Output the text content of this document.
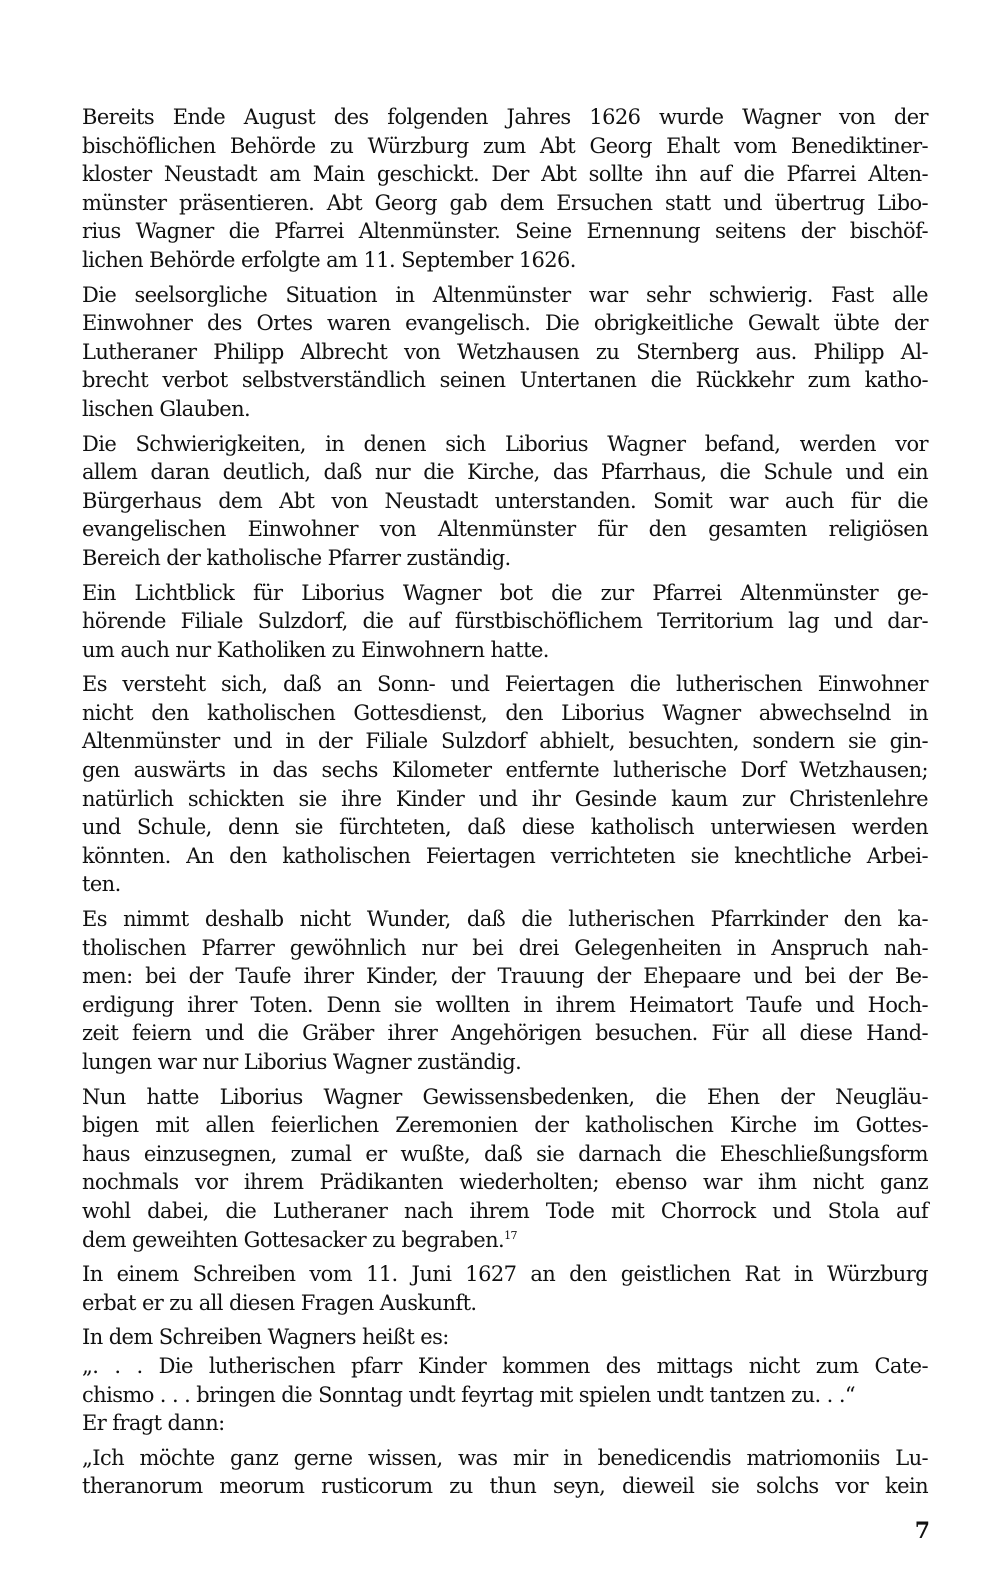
Bereits Ende August des folgenden Jahres 1626 wurde Wagner von der
bischöflichen Behörde zu Würzburg zum Abt Georg Ehalt vom Benediktiner-
kloster Neustadt am Main geschickt. Der Abt sollte ihn auf die Pfarrei Alten-
münster präsentieren. Abt Georg gab dem Ersuchen statt und übertrug Libo-
rius Wagner die Pfarrei Altenmünster. Seine Ernennung seitens der bischöf-
lichen Behörde erfolgte am 11. September 1626.
Die seelsorgliche Situation in Altenmünster war sehr schwierig. Fast alle
Einwohner des Ortes waren evangelisch. Die obrigkeitliche Gewalt übte der
Lutheraner Philipp Albrecht von Wetzhausen zu Sternberg aus. Philipp Al-
brecht verbot selbstverständlich seinen Untertanen die Rückkehr zum katho-
lischen Glauben.
Die Schwierigkeiten, in denen sich Liborius Wagner befand, werden vor
allem daran deutlich, daß nur die Kirche, das Pfarrhaus, die Schule und ein
Bürgerhaus dem Abt von Neustadt unterstanden. Somit war auch für die
evangelischen Einwohner von Altenmünster für den gesamten religiösen
Bereich der katholische Pfarrer zuständig.
Ein Lichtblick für Liborius Wagner bot die zur Pfarrei Altenmünster ge-
hörende Filiale Sulzdorf, die auf fürstbischöflichem Territorium lag und dar-
um auch nur Katholiken zu Einwohnern hatte.
Es versteht sich, daß an Sonn- und Feiertagen die lutherischen Einwohner
nicht den katholischen Gottesdienst, den Liborius Wagner abwechselnd in
Altenmünster und in der Filiale Sulzdorf abhielt, besuchten, sondern sie gin-
gen auswärts in das sechs Kilometer entfernte lutherische Dorf Wetzhausen;
natürlich schickten sie ihre Kinder und ihr Gesinde kaum zur Christenlehre
und Schule, denn sie fürchteten, daß diese katholisch unterwiesen werden
könnten. An den katholischen Feiertagen verrichteten sie knechtliche Arbei-
ten.
Es nimmt deshalb nicht Wunder, daß die lutherischen Pfarrkinder den ka-
tholischen Pfarrer gewöhnlich nur bei drei Gelegenheiten in Anspruch nah-
men: bei der Taufe ihrer Kinder, der Trauung der Ehepaare und bei der Be-
erdigung ihrer Toten. Denn sie wollten in ihrem Heimatort Taufe und Hoch-
zeit feiern und die Gräber ihrer Angehörigen besuchen. Für all diese Hand-
lungen war nur Liborius Wagner zuständig.
Nun hatte Liborius Wagner Gewissensbedenken, die Ehen der Neugläu-
bigen mit allen feierlichen Zeremonien der katholischen Kirche im Gottes-
haus einzusegnen, zumal er wußte, daß sie darnach die Eheschließungsform
nochmals vor ihrem Prädikanten wiederholten; ebenso war ihm nicht ganz
wohl dabei, die Lutheraner nach ihrem Tode mit Chorrock und Stola auf
dem geweihten Gottesacker zu begraben.$^{17}$
In einem Schreiben vom 11. Juni 1627 an den geistlichen Rat in Würzburg
erbat er zu all diesen Fragen Auskunft.
In dem Schreiben Wagners heißt es:
„. . . Die lutherischen pfarr Kinder kommen des mittags nicht zum Cate-
chismo . . . bringen die Sonntag undt feyrtag mit spielen undt tantzen zu. . .“
Er fragt dann:
„Ich möchte ganz gerne wissen, was mir in benedicendis matriomoniis Lu-
theranorum meorum rusticorum zu thun seyn, dieweil sie solchs vor kein
7
